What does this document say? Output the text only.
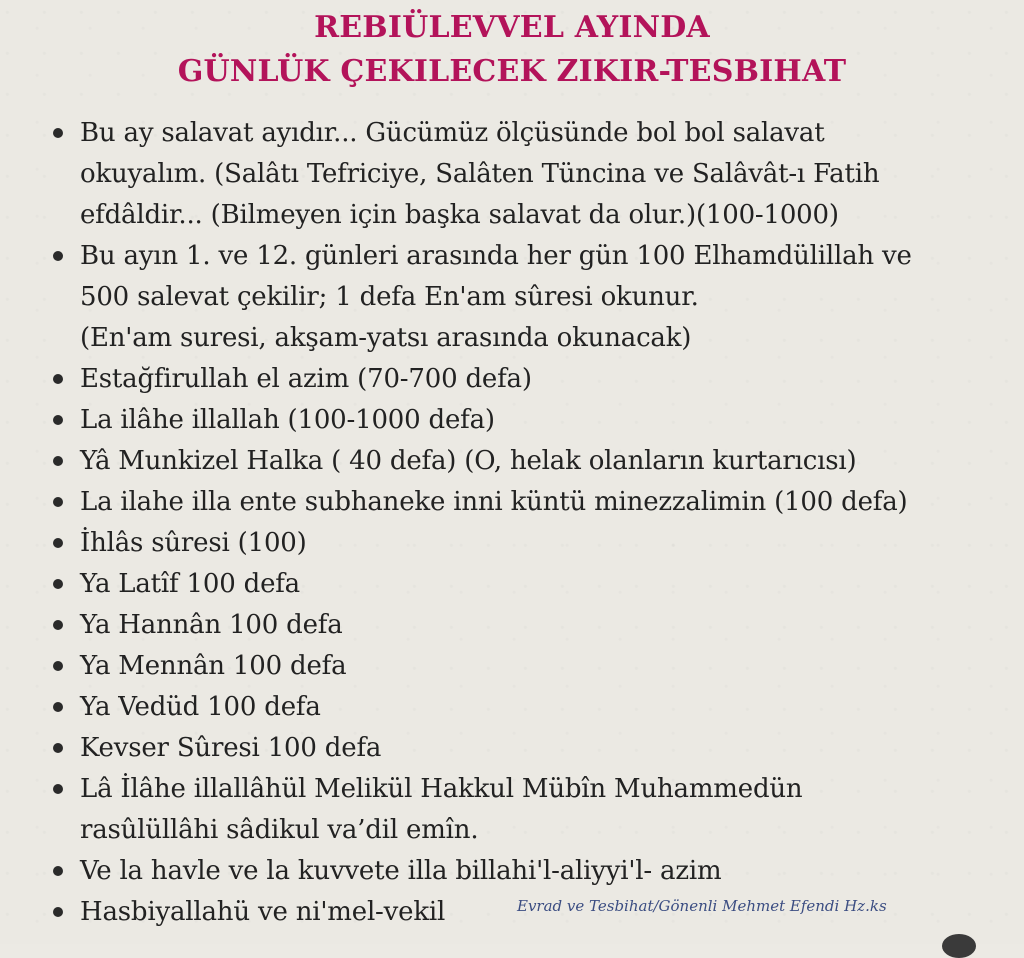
REBIÜLEVVEL AYINDA
GÜNLÜK ÇEKILECEK ZIKIR-TESBIHAT
Bu ay salavat ayıdır... Gücümüz ölçüsünde bol bol salavat
okuyalım. (Salâtı Tefriciye, Salâten Tüncina ve Salâvât-ı Fatih
efdâldir... (Bilmeyen için başka salavat da olur.)(100-1000)
Bu ayın 1. ve 12. günleri arasında her gün 100 Elhamdülillah ve
500 salevat çekilir; 1 defa En'am sûresi okunur.
(En'am suresi, akşam-yatsı arasında okunacak)
Estağfirullah el azim (70-700 defa)
La ilâhe illallah (100-1000 defa)
Yâ Munkizel Halka ( 40 defa) (O, helak olanların kurtarıcısı)
La ilahe illa ente subhaneke inni küntü minezzalimin (100 defa)
İhlâs sûresi (100)
Ya Latîf 100 defa
Ya Hannân 100 defa
Ya Mennân 100 defa
Ya Vedüd 100 defa
Kevser Sûresi 100 defa
Lâ İlâhe illallâhül Melikül Hakkul Mübîn Muhammedün
rasûlüllâhi sâdikul va’dil emîn.
Ve la havle ve la kuvvete illa billahi'l-aliyyi'l- azim
Hasbiyallahü ve ni'mel-vekil	Evrad ve Tesbihat/Gönenli Mehmet Efendi Hz.ks
